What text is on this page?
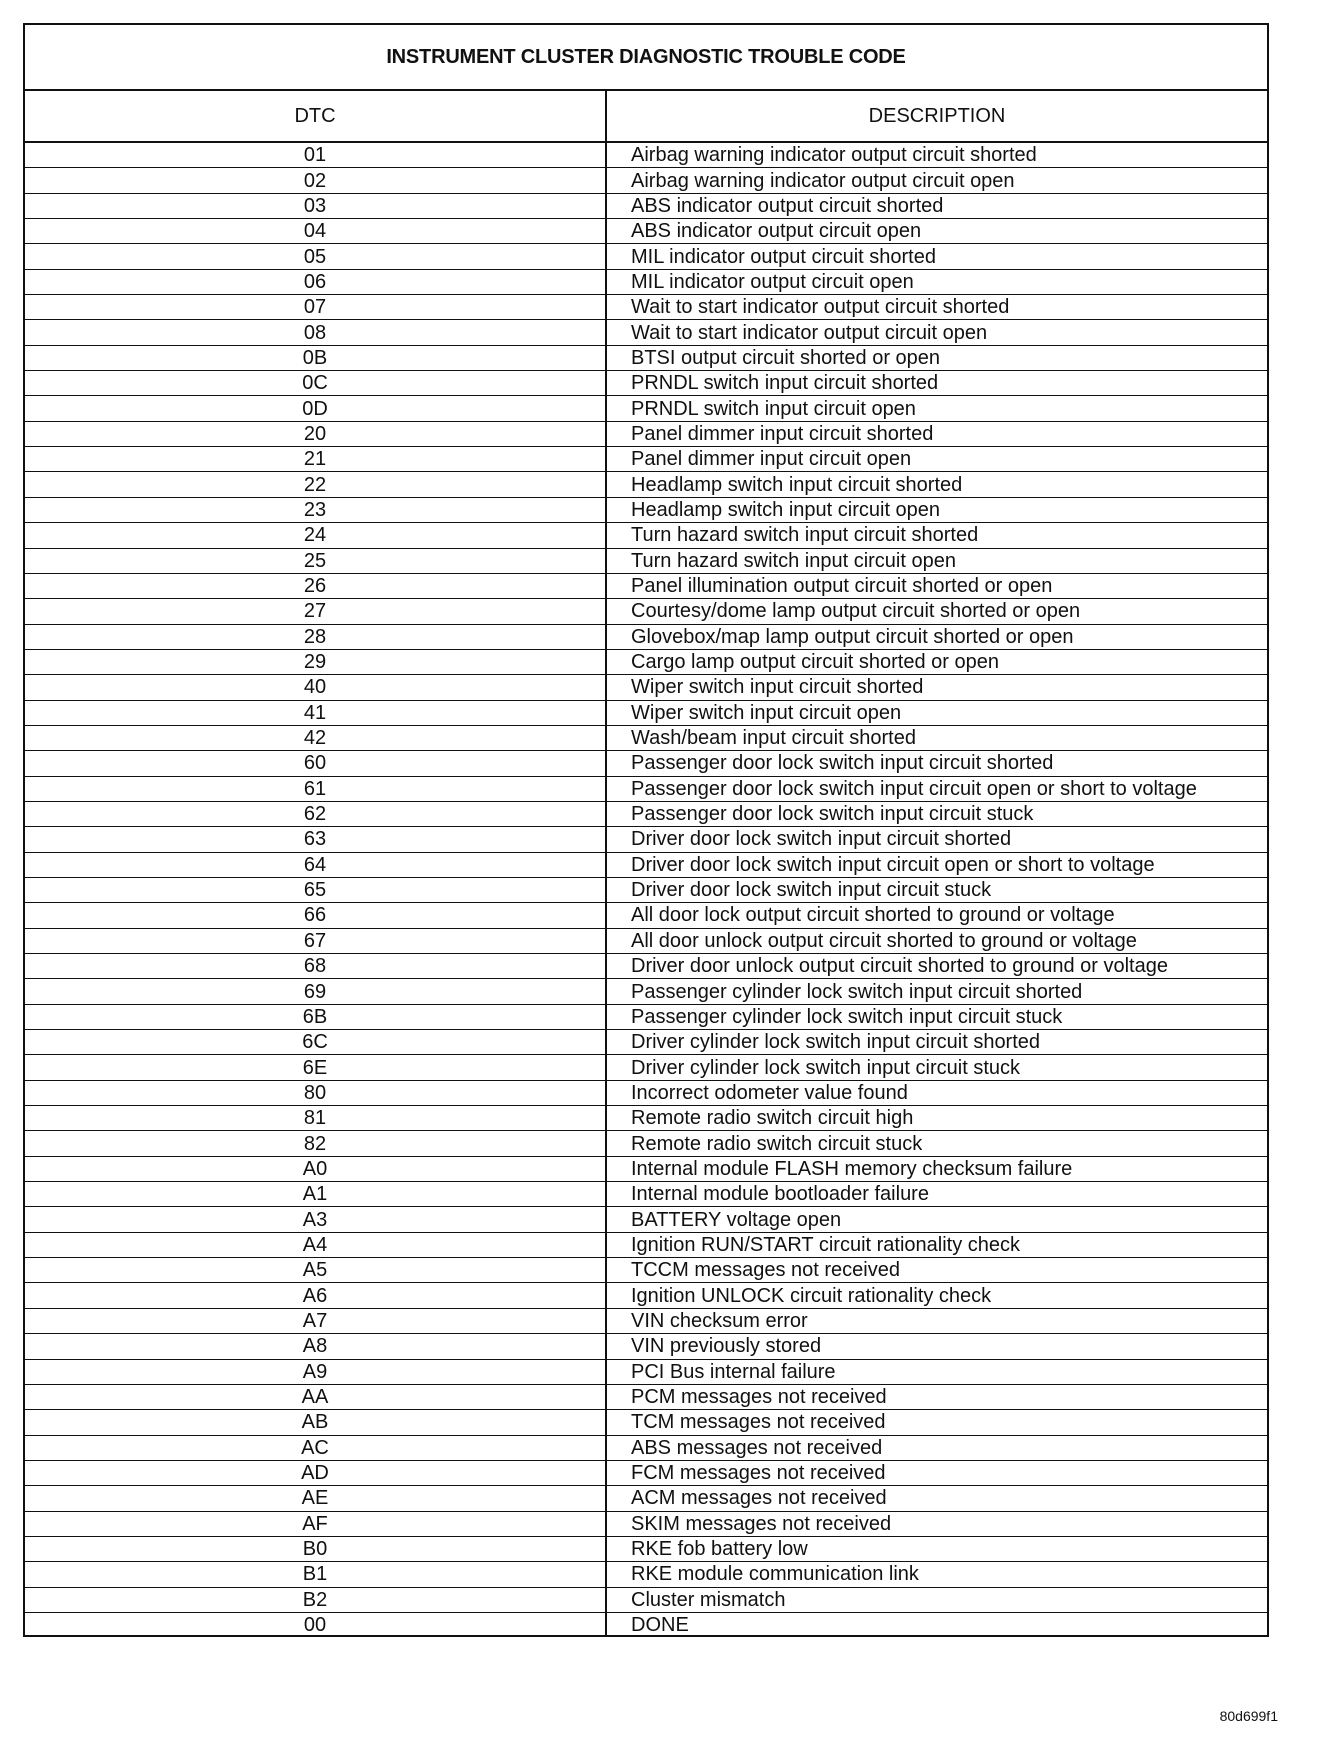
INSTRUMENT CLUSTER DIAGNOSTIC TROUBLE CODE
DTC	DESCRIPTION
01	Airbag warning indicator output circuit shorted
02	Airbag warning indicator output circuit open
03	ABS indicator output circuit shorted
04	ABS indicator output circuit open
05	MIL indicator output circuit shorted
06	MIL indicator output circuit open
07	Wait to start indicator output circuit shorted
08	Wait to start indicator output circuit open
0B	BTSI output circuit shorted or open
0C	PRNDL switch input circuit shorted
0D	PRNDL switch input circuit open
20	Panel dimmer input circuit shorted
21	Panel dimmer input circuit open
22	Headlamp switch input circuit shorted
23	Headlamp switch input circuit open
24	Turn hazard switch input circuit shorted
25	Turn hazard switch input circuit open
26	Panel illumination output circuit shorted or open
27	Courtesy/dome lamp output circuit shorted or open
28	Glovebox/map lamp output circuit shorted or open
29	Cargo lamp output circuit shorted or open
40	Wiper switch input circuit shorted
41	Wiper switch input circuit open
42	Wash/beam input circuit shorted
60	Passenger door lock switch input circuit shorted
61	Passenger door lock switch input circuit open or short to voltage
62	Passenger door lock switch input circuit stuck
63	Driver door lock switch input circuit shorted
64	Driver door lock switch input circuit open or short to voltage
65	Driver door lock switch input circuit stuck
66	All door lock output circuit shorted to ground or voltage
67	All door unlock output circuit shorted to ground or voltage
68	Driver door unlock output circuit shorted to ground or voltage
69	Passenger cylinder lock switch input circuit shorted
6B	Passenger cylinder lock switch input circuit stuck
6C	Driver cylinder lock switch input circuit shorted
6E	Driver cylinder lock switch input circuit stuck
80	Incorrect odometer value found
81	Remote radio switch circuit high
82	Remote radio switch circuit stuck
A0	Internal module FLASH memory checksum failure
A1	Internal module bootloader failure
A3	BATTERY voltage open
A4	Ignition RUN/START circuit rationality check
A5	TCCM messages not received
A6	Ignition UNLOCK circuit rationality check
A7	VIN checksum error
A8	VIN previously stored
A9	PCI Bus internal failure
AA	PCM messages not received
AB	TCM messages not received
AC	ABS messages not received
AD	FCM messages not received
AE	ACM messages not received
AF	SKIM messages not received
B0	RKE fob battery low
B1	RKE module communication link
B2	Cluster mismatch
00	DONE
80d699f1
